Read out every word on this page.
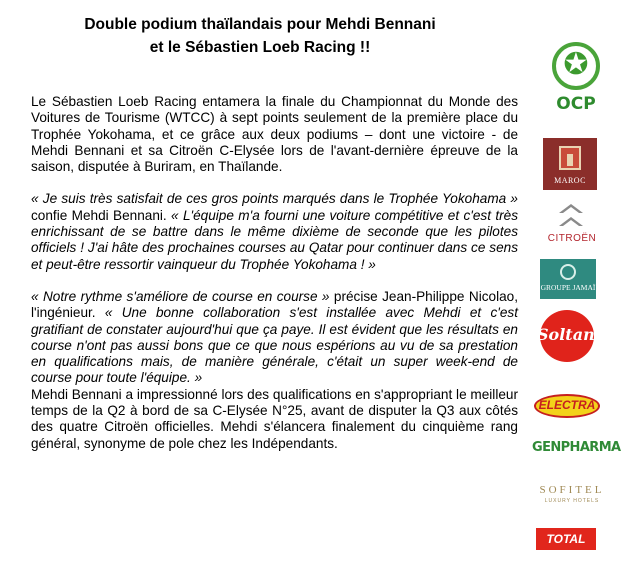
Double podium thaïlandais pour Mehdi Bennani
et le Sébastien Loeb Racing !!

Le Sébastien Loeb Racing entamera la finale du Championnat du Monde des Voitures de Tourisme (WTCC) à sept points seulement de la première place du Trophée Yokohama, et ce grâce aux deux podiums – dont une victoire - de Mehdi Bennani et sa Citroën C-Elysée lors de l'avant-dernière épreuve de la saison, disputée à Buriram, en Thaïlande.

« Je suis très satisfait de ces gros points marqués dans le Trophée Yokohama » confie Mehdi Bennani. « L'équipe m'a fourni une voiture compétitive et c'est très enrichissant de se battre dans le même dixième de seconde que les pilotes officiels ! J'ai hâte des prochaines courses au Qatar pour continuer dans ce sens et peut-être ressortir vainqueur du Trophée Yokohama ! »

« Notre rythme s'améliore de course en course » précise Jean-Philippe Nicolao, l'ingénieur. « Une bonne collaboration s'est installée avec Mehdi et c'est gratifiant de constater aujourd'hui que ça paye. Il est évident que les résultats en course n'ont pas aussi bons que ce que nous espérions au vu de sa prestation en qualifications mais, de manière générale, c'était un super week-end de course pour toute l'équipe. »

Mehdi Bennani a impressionné lors des qualifications en s'appropriant le meilleur temps de la Q2 à bord de sa C-Elysée N°25, avant de disputer la Q3 aux côtés des quatre Citroën officielles. Mehdi s'élancera finalement du cinquième rang général, synonyme de pole chez les Indépendants.

✪
OCP
MAROC
CITROËN
GROUPE JAMAÏ
Soltane
ELECTRA
GENPHARMA
SOFITEL
LUXURY HOTELS
TOTAL
